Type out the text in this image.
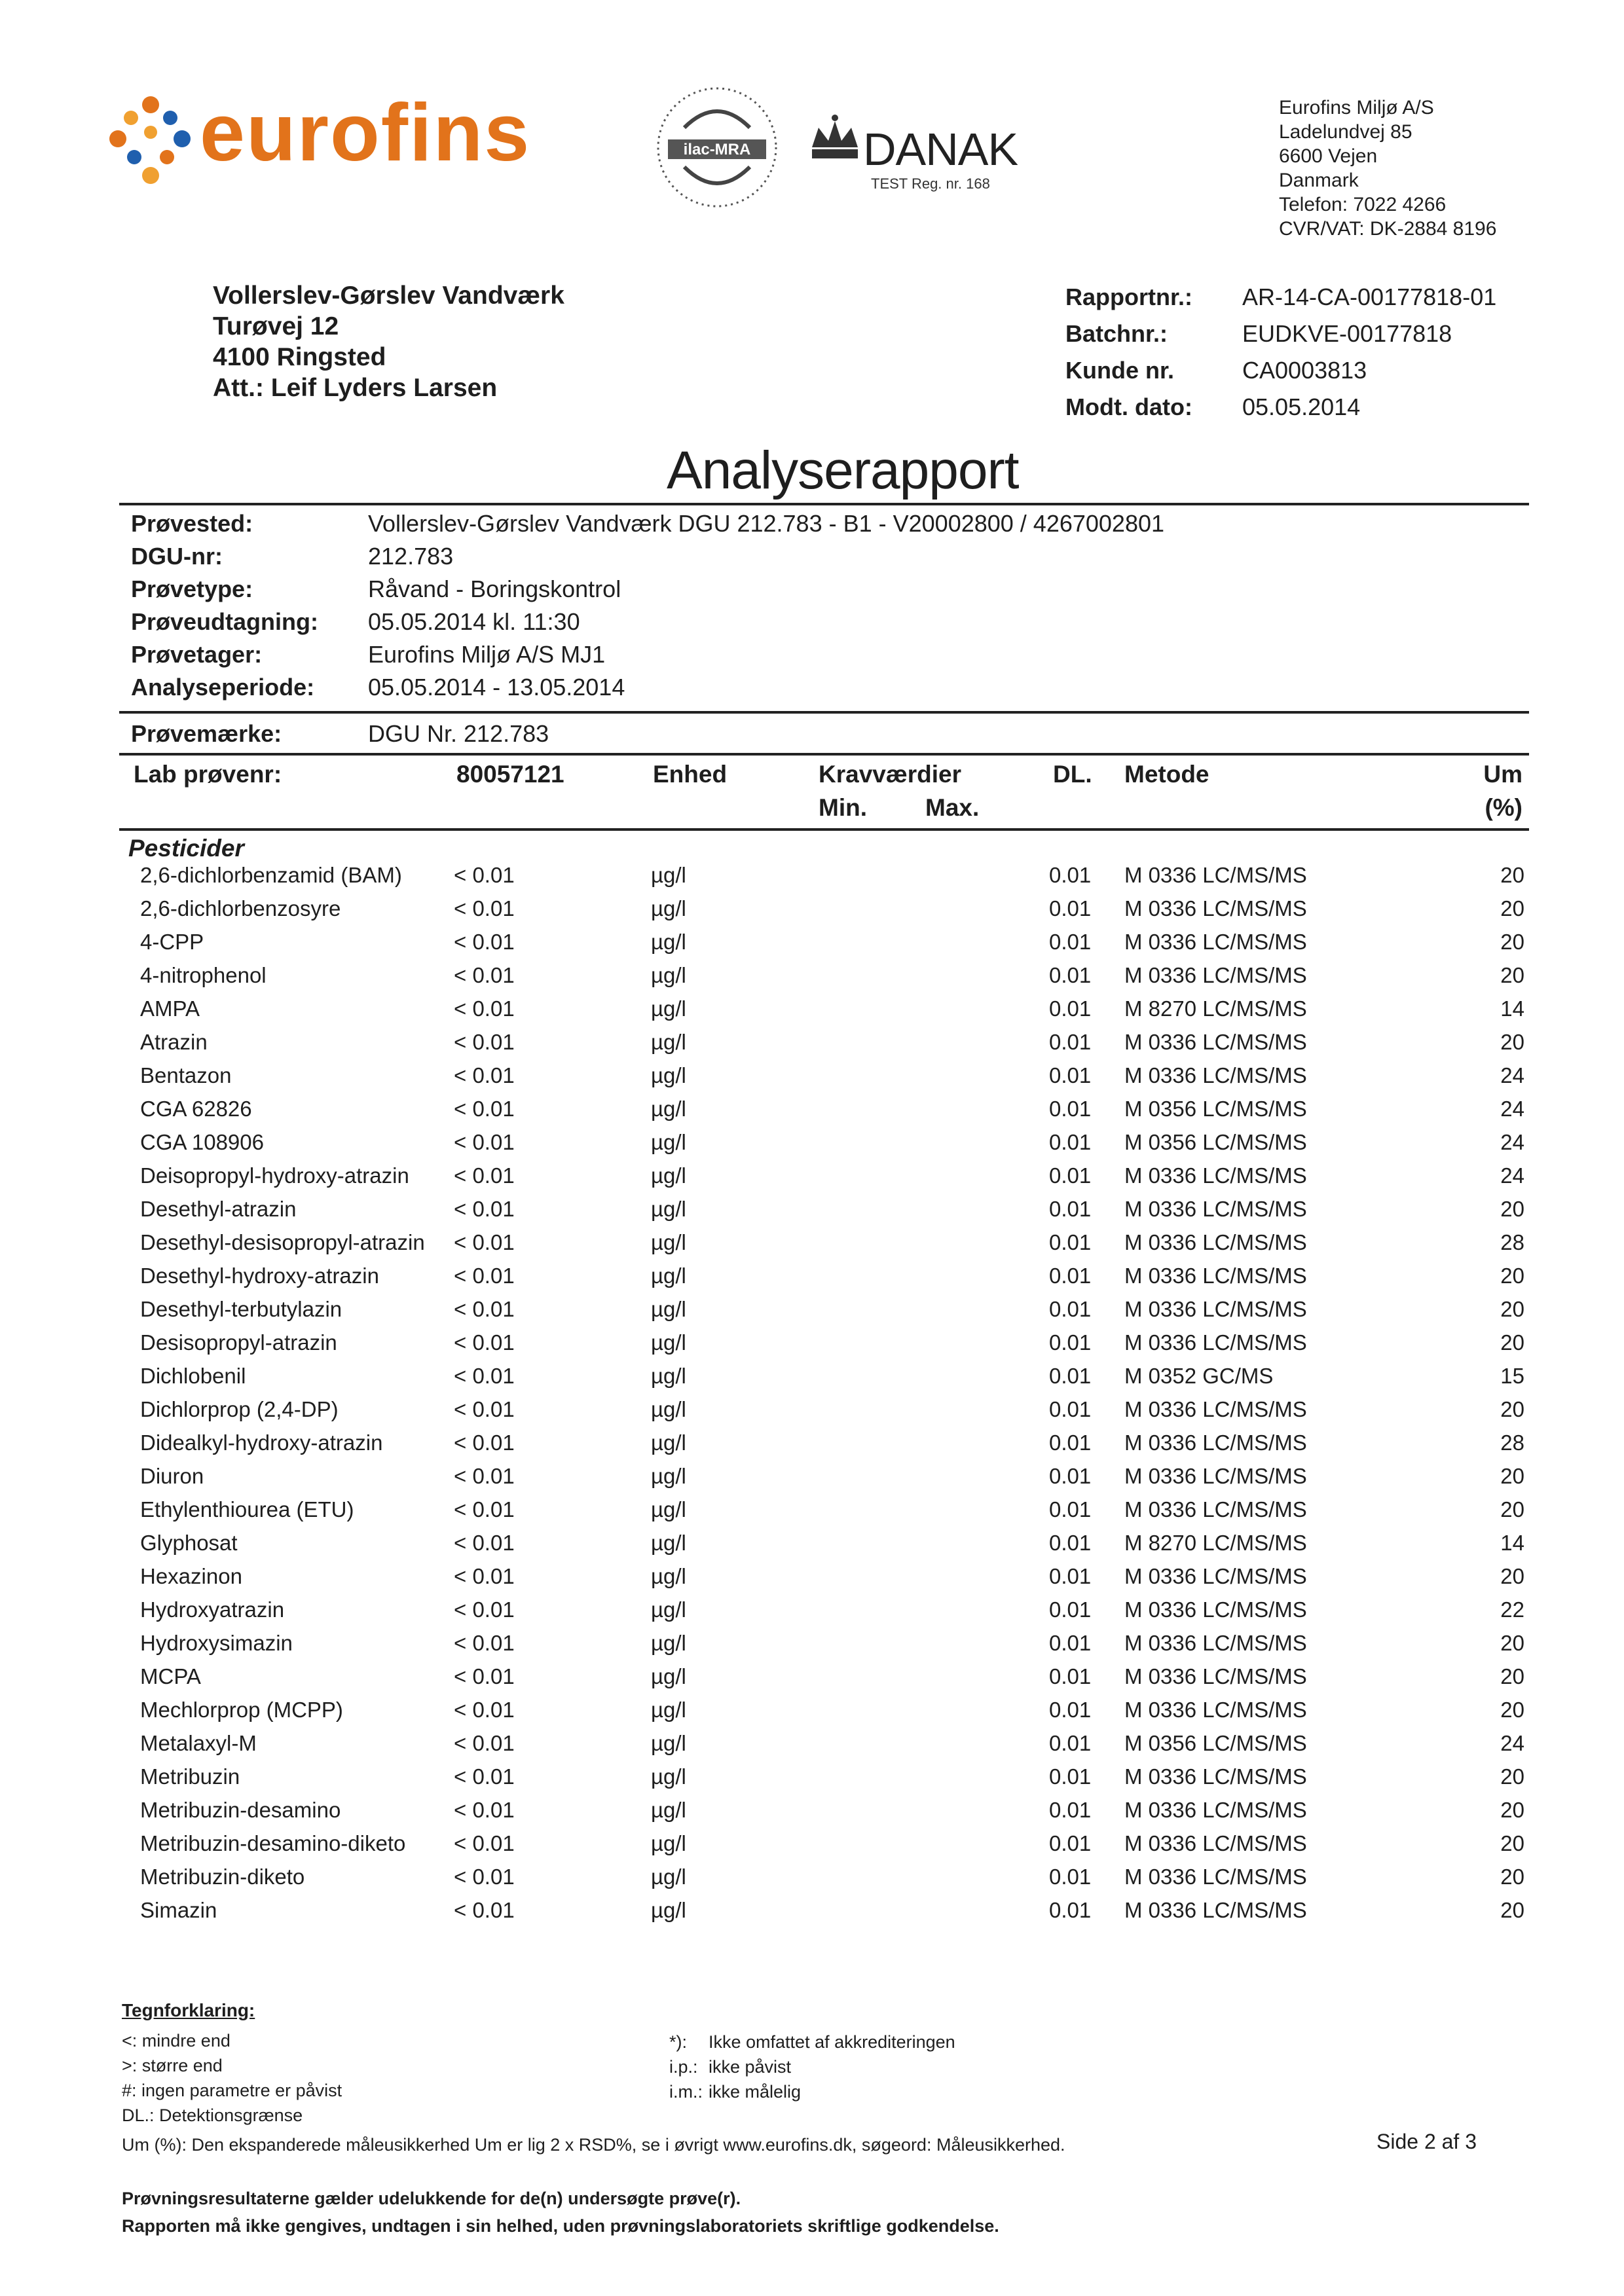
eurofins	ilac-MRA DANAK
TEST Reg. nr. 168
Eurofins Miljø A/S
Ladelundvej 85
6600 Vejen
Danmark
Telefon: 7022 4266
CVR/VAT: DK-2884 8196
Vollerslev-Gørslev Vandværk
Turøvej 12
4100 Ringsted
Att.: Leif Lyders Larsen
Rapportnr.:	AR-14-CA-00177818-01
Batchnr.:	EUDKVE-00177818
Kunde nr.	CA0003813
Modt. dato:	05.05.2014
Analyserapport
Prøvested:	Vollerslev-Gørslev Vandværk DGU 212.783 - B1 - V20002800 / 4267002801
DGU-nr:	212.783
Prøvetype:	Råvand - Boringskontrol
Prøveudtagning:	05.05.2014 kl. 11:30
Prøvetager:	Eurofins Miljø A/S MJ1
Analyseperiode:	05.05.2014 - 13.05.2014
Prøvemærke:	DGU Nr. 212.783
Lab prøvenr:	80057121	Enhed	Kravværdier
Min. Max.
DL. Metode	Um
(%)
Pesticider
2,6-dichlorbenzamid (BAM) < 0.01	µg/l	0.01 M 0336 LC/MS/MS	20
2,6-dichlorbenzosyre	< 0.01	µg/l	0.01 M 0336 LC/MS/MS	20
4-CPP	< 0.01	µg/l	0.01 M 0336 LC/MS/MS	20
4-nitrophenol	< 0.01	µg/l	0.01 M 0336 LC/MS/MS	20
AMPA	< 0.01	µg/l	0.01 M 8270 LC/MS/MS	14
Atrazin	< 0.01	µg/l	0.01 M 0336 LC/MS/MS	20
Bentazon	< 0.01	µg/l	0.01 M 0336 LC/MS/MS	24
CGA 62826	< 0.01	µg/l	0.01 M 0356 LC/MS/MS	24
CGA 108906	< 0.01	µg/l	0.01 M 0356 LC/MS/MS	24
Deisopropyl-hydroxy-atrazin < 0.01	µg/l	0.01 M 0336 LC/MS/MS	24
Desethyl-atrazin	< 0.01	µg/l	0.01 M 0336 LC/MS/MS	20
Desethyl-desisopropyl-atrazin < 0.01	µg/l	0.01 M 0336 LC/MS/MS	28
Desethyl-hydroxy-atrazin	< 0.01	µg/l	0.01 M 0336 LC/MS/MS	20
Desethyl-terbutylazin	< 0.01	µg/l	0.01 M 0336 LC/MS/MS	20
Desisopropyl-atrazin	< 0.01	µg/l	0.01 M 0336 LC/MS/MS	20
Dichlobenil	< 0.01	µg/l	0.01 M 0352 GC/MS	15
Dichlorprop (2,4-DP)	< 0.01	µg/l	0.01 M 0336 LC/MS/MS	20
Didealkyl-hydroxy-atrazin	< 0.01	µg/l	0.01 M 0336 LC/MS/MS	28
Diuron	< 0.01	µg/l	0.01 M 0336 LC/MS/MS	20
Ethylenthiourea (ETU)	< 0.01	µg/l	0.01 M 0336 LC/MS/MS	20
Glyphosat	< 0.01	µg/l	0.01 M 8270 LC/MS/MS	14
Hexazinon	< 0.01	µg/l	0.01 M 0336 LC/MS/MS	20
Hydroxyatrazin	< 0.01	µg/l	0.01 M 0336 LC/MS/MS	22
Hydroxysimazin	< 0.01	µg/l	0.01 M 0336 LC/MS/MS	20
MCPA	< 0.01	µg/l	0.01 M 0336 LC/MS/MS	20
Mechlorprop (MCPP)	< 0.01	µg/l	0.01 M 0336 LC/MS/MS	20
Metalaxyl-M	< 0.01	µg/l	0.01 M 0356 LC/MS/MS	24
Metribuzin	< 0.01	µg/l	0.01 M 0336 LC/MS/MS	20
Metribuzin-desamino	< 0.01	µg/l	0.01 M 0336 LC/MS/MS	20
Metribuzin-desamino-diketo < 0.01	µg/l	0.01 M 0336 LC/MS/MS	20
Metribuzin-diketo	< 0.01	µg/l	0.01 M 0336 LC/MS/MS	20
Simazin	< 0.01	µg/l	0.01 M 0336 LC/MS/MS	20
Tegnforklaring:
<: mindre end
>: større end
#: ingen parametre er påvist
DL.: Detektionsgrænse
*):	Ikke omfattet af akkrediteringen
i.p.: ikke påvist
i.m.: ikke målelig
Um (%): Den ekspanderede måleusikkerhed Um er lig 2 x RSD%, se i øvrigt www.eurofins.dk, søgeord: Måleusikkerhed.	Side 2 af 3
Prøvningsresultaterne gælder udelukkende for de(n) undersøgte prøve(r).
Rapporten må ikke gengives, undtagen i sin helhed, uden prøvningslaboratoriets skriftlige godkendelse.
